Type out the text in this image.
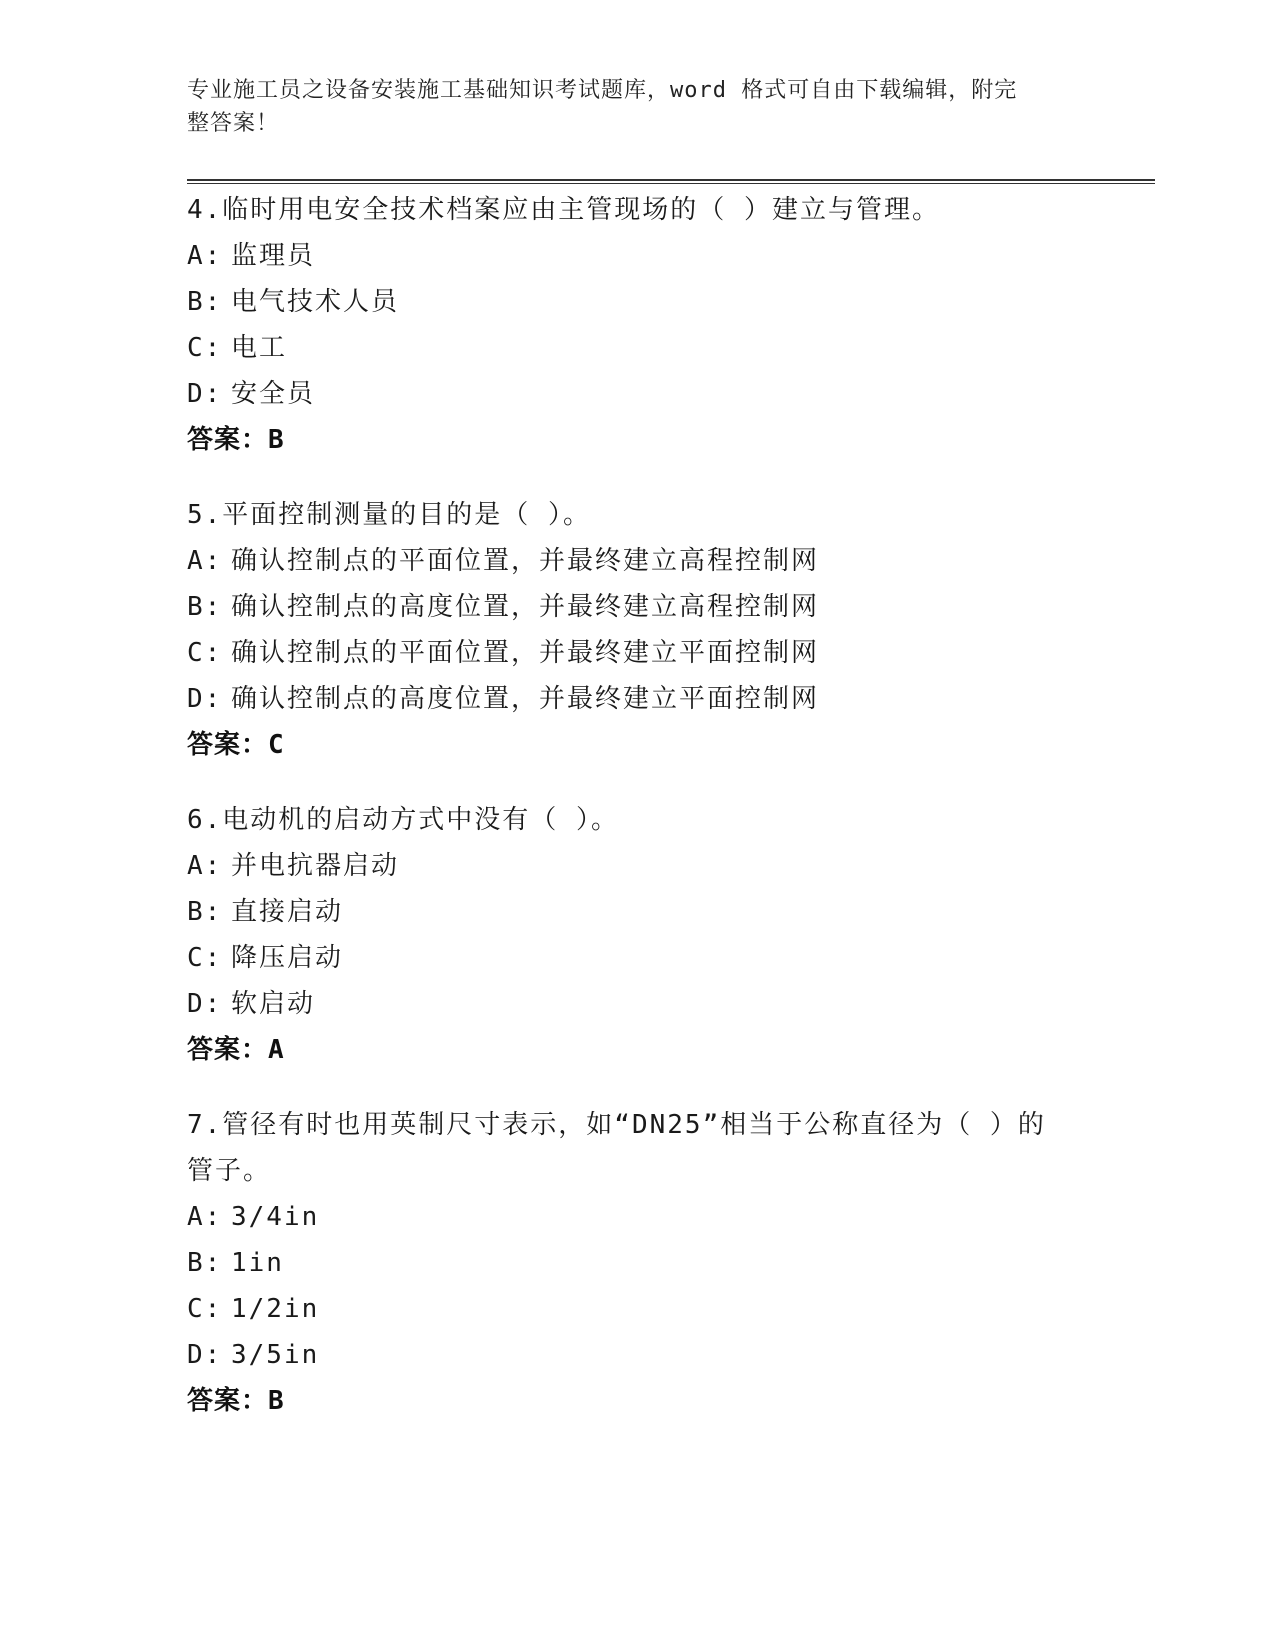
专业施工员之设备安装施工基础知识考试题库，word 格式可自由下载编辑，附完
整答案！
4.临时用电安全技术档案应由主管现场的（ ）建立与管理。
A: 监理员
B: 电气技术人员
C: 电工
D: 安全员
答案：B
5.平面控制测量的目的是（ ）。
A: 确认控制点的平面位置，并最终建立高程控制网
B: 确认控制点的高度位置，并最终建立高程控制网
C: 确认控制点的平面位置，并最终建立平面控制网
D: 确认控制点的高度位置，并最终建立平面控制网
答案：C
6.电动机的启动方式中没有（ ）。
A: 并电抗器启动
B: 直接启动
C: 降压启动
D: 软启动
答案：A
7.管径有时也用英制尺寸表示，如“DN25”相当于公称直径为（ ）的
管子。
A: 3/4in
B: 1in
C: 1/2in
D: 3/5in
答案：B
